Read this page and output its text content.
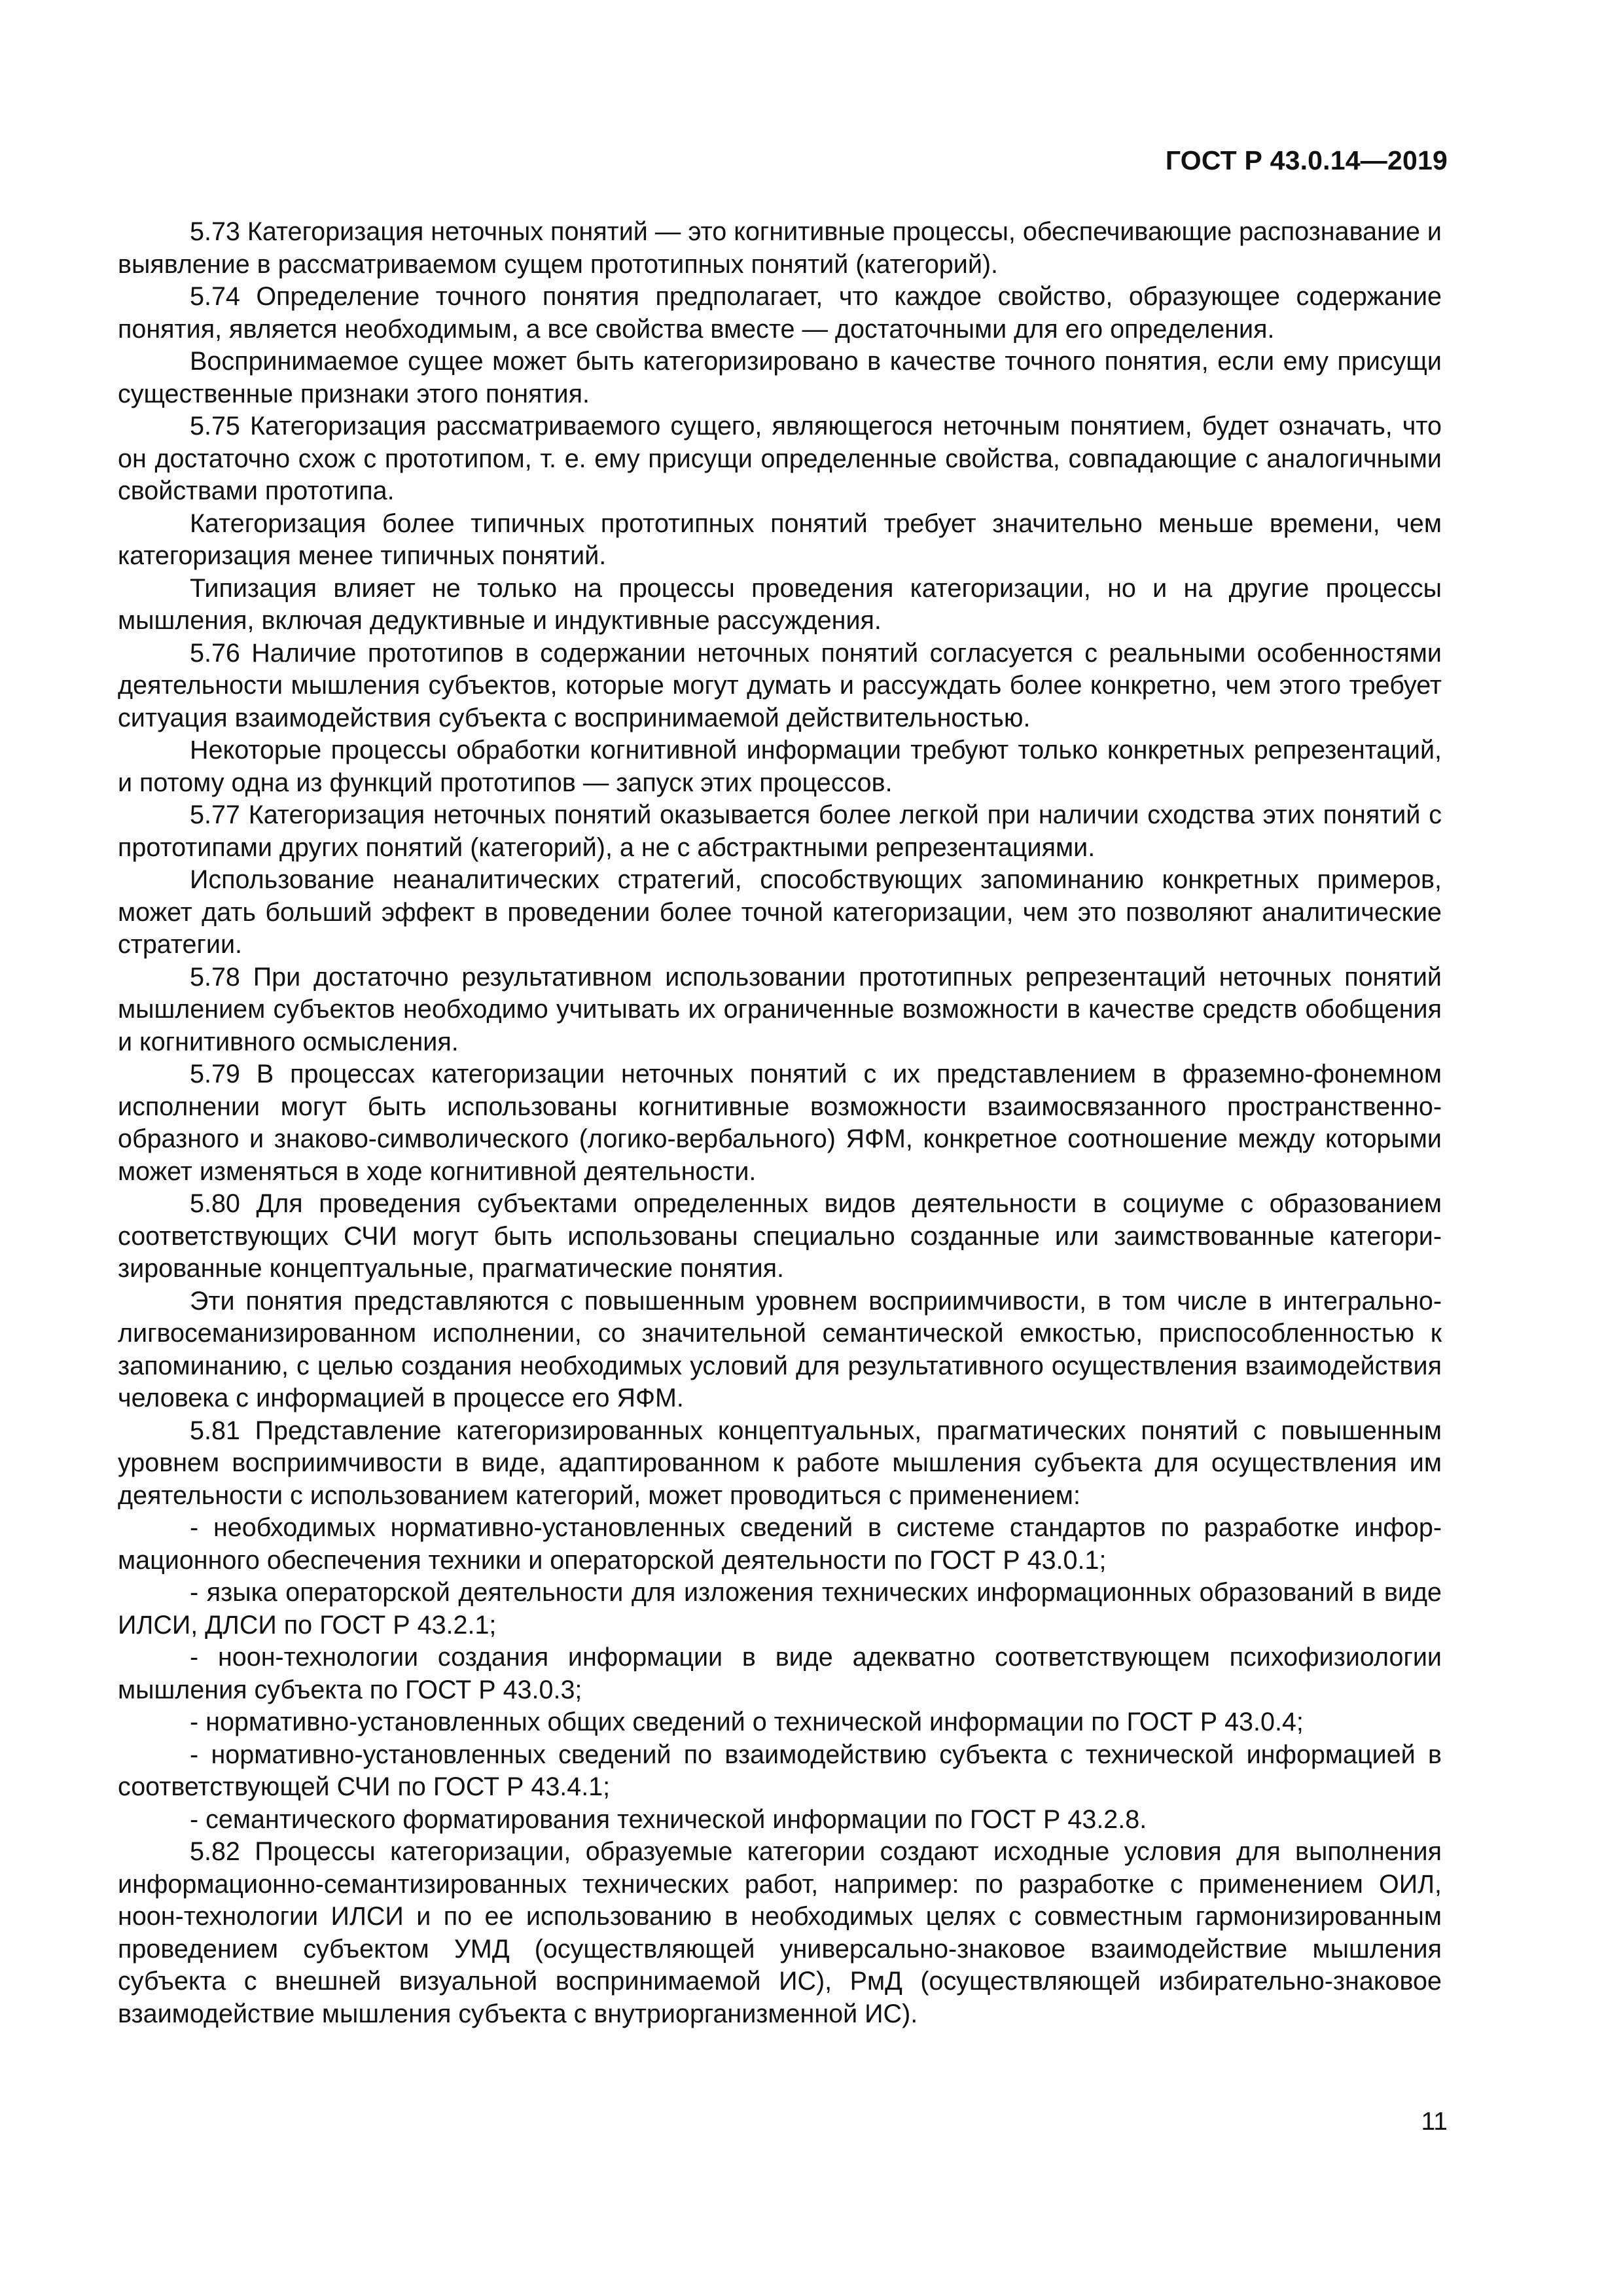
ГОСТ Р 43.0.14—2019

5.73 Категоризация неточных понятий — это когнитивные процессы, обеспечивающие распознавание и выявление в рассматриваемом сущем прототипных понятий (категорий).

5.74 Определение точного понятия предполагает, что каждое свойство, образующее содержание понятия, является необходимым, а все свойства вместе — достаточными для его определения.

Воспринимаемое сущее может быть категоризировано в качестве точного понятия, если ему присущи существенные признаки этого понятия.

5.75 Категоризация рассматриваемого сущего, являющегося неточным понятием, будет означать, что он достаточно схож с прототипом, т. е. ему присущи определенные свойства, совпадающие с аналогичными свойствами прототипа.

Категоризация более типичных прототипных понятий требует значительно меньше времени, чем категоризация менее типичных понятий.

Типизация влияет не только на процессы проведения категоризации, но и на другие процессы мышления, включая дедуктивные и индуктивные рассуждения.

5.76 Наличие прототипов в содержании неточных понятий согласуется с реальными особенностями деятельности мышления субъектов, которые могут думать и рассуждать более конкретно, чем этого требует ситуация взаимодействия субъекта с воспринимаемой действительностью.

Некоторые процессы обработки когнитивной информации требуют только конкретных репрезентаций, и потому одна из функций прототипов — запуск этих процессов.

5.77 Категоризация неточных понятий оказывается более легкой при наличии сходства этих понятий с прототипами других понятий (категорий), а не с абстрактными репрезентациями.

Использование неаналитических стратегий, способствующих запоминанию конкретных примеров, может дать больший эффект в проведении более точной категоризации, чем это позволяют аналитические стратегии.

5.78 При достаточно результативном использовании прототипных репрезентаций неточных понятий мышлением субъектов необходимо учитывать их ограниченные возможности в качестве средств обобщения и когнитивного осмысления.

5.79 В процессах категоризации неточных понятий с их представлением в фраземно-фонемном исполнении могут быть использованы когнитивные возможности взаимосвязанного пространственно-образного и знаково-символического (логико-вербального) ЯФМ, конкретное соотношение между которыми может изменяться в ходе когнитивной деятельности.

5.80 Для проведения субъектами определенных видов деятельности в социуме с образованием соответствующих СЧИ могут быть использованы специально созданные или заимствованные категоризированные концептуальные, прагматические понятия.

Эти понятия представляются с повышенным уровнем восприимчивости, в том числе в интегрально-лигвосеманизированном исполнении, со значительной семантической емкостью, приспособленностью к запоминанию, с целью создания необходимых условий для результативного осуществления взаимодействия человека с информацией в процессе его ЯФМ.

5.81 Представление категоризированных концептуальных, прагматических понятий с повышенным уровнем восприимчивости в виде, адаптированном к работе мышления субъекта для осуществления им деятельности с использованием категорий, может проводиться с применением:

- необходимых нормативно-установленных сведений в системе стандартов по разработке информационного обеспечения техники и операторской деятельности по ГОСТ Р 43.0.1;

- языка операторской деятельности для изложения технических информационных образований в виде ИЛСИ, ДЛСИ по ГОСТ Р 43.2.1;

- ноон-технологии создания информации в виде адекватно соответствующем психофизиологии мышления субъекта по ГОСТ Р 43.0.3;

- нормативно-установленных общих сведений о технической информации по ГОСТ Р 43.0.4;

- нормативно-установленных сведений по взаимодействию субъекта с технической информацией в соответствующей СЧИ по ГОСТ Р 43.4.1;

- семантического форматирования технической информации по ГОСТ Р 43.2.8.

5.82 Процессы категоризации, образуемые категории создают исходные условия для выполнения информационно-семантизированных технических работ, например: по разработке с применением ОИЛ, ноон-технологии ИЛСИ и по ее использованию в необходимых целях с совместным гармонизированным проведением субъектом УМД (осуществляющей универсально-знаковое взаимодействие мышления субъекта с внешней визуальной воспринимаемой ИС), РмД (осуществляющей избирательно-знаковое взаимодействие мышления субъекта с внутриорганизменной ИС).

11
